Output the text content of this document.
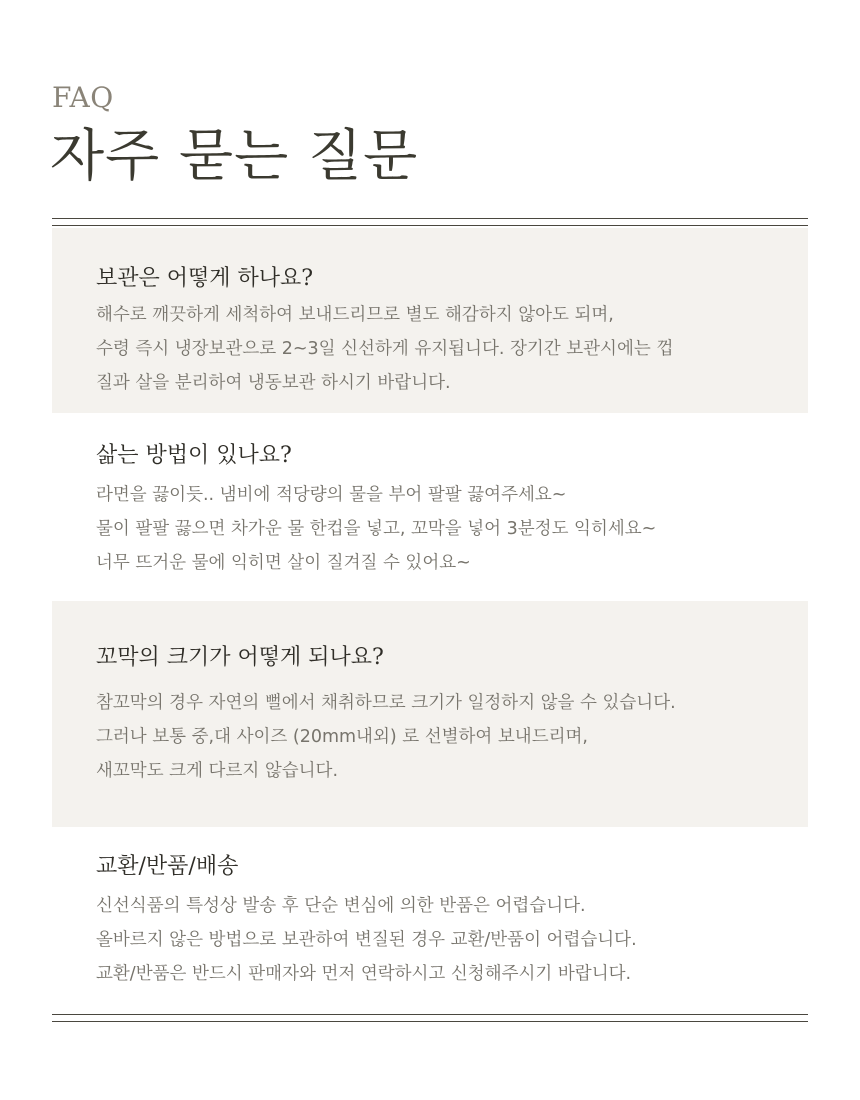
FAQ
자주 묻는 질문
보관은 어떻게 하나요?
해수로 깨끗하게 세척하여 보내드리므로 별도 해감하지 않아도 되며,
수령 즉시 냉장보관으로 2~3일 신선하게 유지됩니다. 장기간 보관시에는 껍
질과 살을 분리하여 냉동보관 하시기 바랍니다.
삶는 방법이 있나요?
라면을 끓이듯.. 냄비에 적당량의 물을 부어 팔팔 끓여주세요~
물이 팔팔 끓으면 차가운 물 한컵을 넣고, 꼬막을 넣어 3분정도 익히세요~
너무 뜨거운 물에 익히면 살이 질겨질 수 있어요~
꼬막의 크기가 어떻게 되나요?
참꼬막의 경우 자연의 뻘에서 채취하므로 크기가 일정하지 않을 수 있습니다.
그러나 보통 중,대 사이즈 (20mm내외) 로 선별하여 보내드리며,
새꼬막도 크게 다르지 않습니다.
교환/반품/배송
신선식품의 특성상 발송 후 단순 변심에 의한 반품은 어렵습니다.
올바르지 않은 방법으로 보관하여 변질된 경우 교환/반품이 어렵습니다.
교환/반품은 반드시 판매자와 먼저 연락하시고 신청해주시기 바랍니다.
